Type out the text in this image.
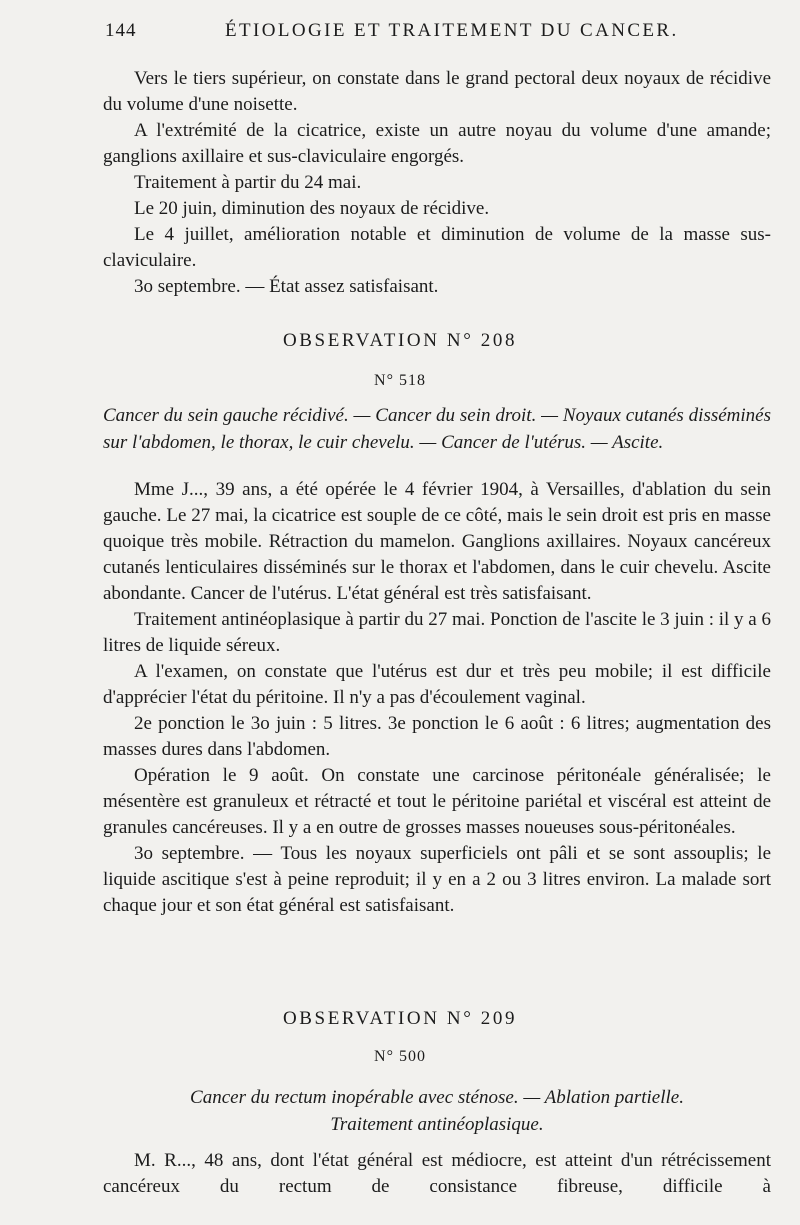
144	ÉTIOLOGIE ET TRAITEMENT DU CANCER.

Vers le tiers supérieur, on constate dans le grand pectoral deux noyaux de récidive du volume d'une noisette.

A l'extrémité de la cicatrice, existe un autre noyau du volume d'une amande; ganglions axillaire et sus-claviculaire engorgés.

Traitement à partir du 24 mai.

Le 20 juin, diminution des noyaux de récidive.

Le 4 juillet, amélioration notable et diminution de volume de la masse sus-claviculaire.

3o septembre. — État assez satisfaisant.

OBSERVATION N° 208
N° 518
Cancer du sein gauche récidivé. — Cancer du sein droit. — Noyaux cutanés disséminés sur l'abdomen, le thorax, le cuir chevelu. — Cancer de l'utérus. — Ascite.

Mme J..., 39 ans, a été opérée le 4 février 1904, à Versailles, d'ablation du sein gauche. Le 27 mai, la cicatrice est souple de ce côté, mais le sein droit est pris en masse quoique très mobile. Rétraction du mamelon. Ganglions axillaires. Noyaux cancéreux cutanés lenticulaires disséminés sur le thorax et l'abdomen, dans le cuir chevelu. Ascite abondante. Cancer de l'utérus. L'état général est très satisfaisant.

Traitement antinéoplasique à partir du 27 mai. Ponction de l'ascite le 3 juin : il y a 6 litres de liquide séreux.

A l'examen, on constate que l'utérus est dur et très peu mobile; il est difficile d'apprécier l'état du péritoine. Il n'y a pas d'écoulement vaginal.

2e ponction le 3o juin : 5 litres. 3e ponction le 6 août : 6 litres; augmentation des masses dures dans l'abdomen.

Opération le 9 août. On constate une carcinose péritonéale généralisée; le mésentère est granuleux et rétracté et tout le péritoine pariétal et viscéral est atteint de granules cancéreuses. Il y a en outre de grosses masses noueuses sous-péritonéales.

3o septembre. — Tous les noyaux superficiels ont pâli et se sont assouplis; le liquide ascitique s'est à peine reproduit; il y en a 2 ou 3 litres environ. La malade sort chaque jour et son état général est satisfaisant.

OBSERVATION N° 209
N° 500
Cancer du rectum inopérable avec sténose. — Ablation partielle.
Traitement antinéoplasique.

M. R..., 48 ans, dont l'état général est médiocre, est atteint d'un rétrécissement cancéreux du rectum de consistance fibreuse, difficile à
